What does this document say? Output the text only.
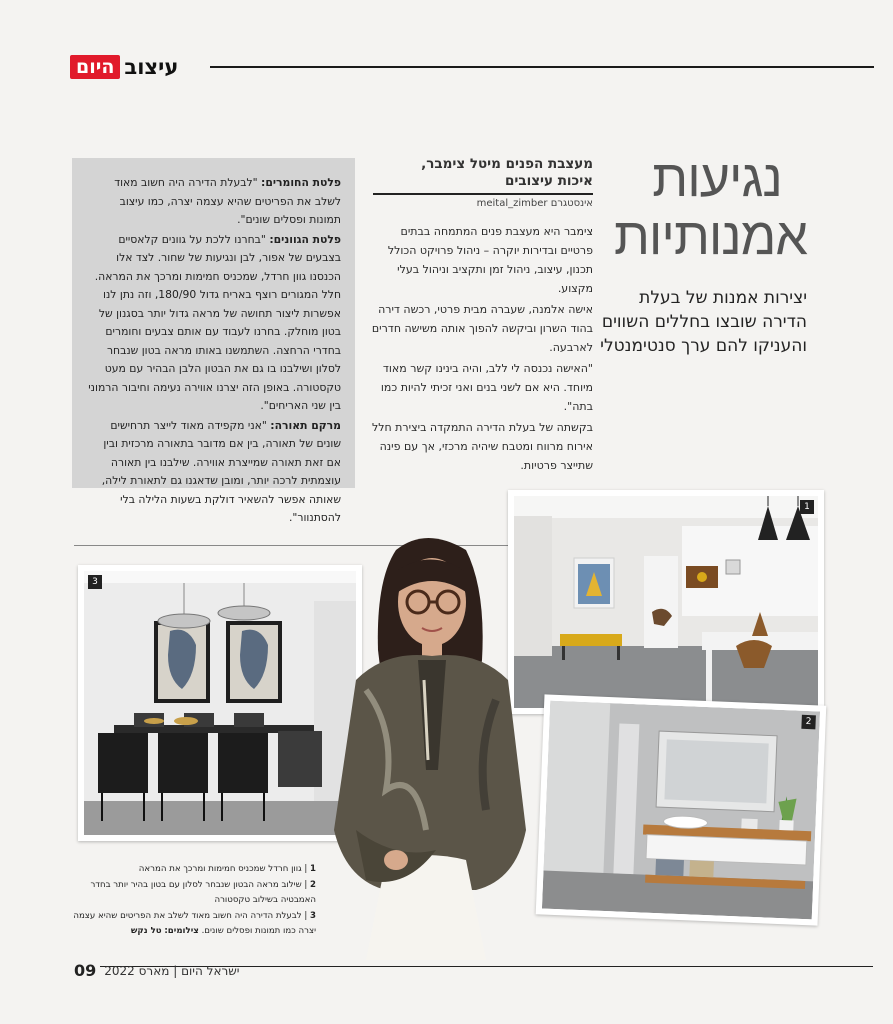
עיצוב
היום
נגיעות
אמנותיות
יצירות אמנות של בעלת הדירה שובצו בחללים השווים והעניקו להם ערך סנטימנטלי
מעצבת הפנים מיטל צימבר,
איכות עיצובים
אינסטגרם meital_zimber

צימבר היא מעצבת פנים המתמחה בבתים פרטיים ובדירות יוקרה – ניהול פרויקט הכולל תכנון, עיצוב, ניהול זמן ותקציב וניהול בעלי מקצוע.

אישה אלמנה, שעברה מבית פרטי, רכשה דירה בהוד השרון וביקשה להפוך אותה משישה חדרים לארבעה.

"האישה נכנסה לי ללב, והיה בינינו קשר מאוד מיוחד. היא אם לשני בנים ואני זכיתי להיות כמו בתה".

בקשתה של בעלת הדירה התמקדה ביצירת חלל אירוח מרווח ומטבח שיהיה מרכזי, אך עם פינה שתייצר פרטיות.

פלטת החומרים: "לבעלת הדירה היה חשוב מאוד לשלב את הפריטים שהיא עצמה יצרה, כמו עיצוב תמונות ופסלים שונים".

פלטת הגוונים: "בחרנו ללכת על גוונים קלאסיים בצבעים של אפור, לבן ונגיעות של שחור. לצד אלו הכנסנו גוון חרדל, שמכניס חמימות ומרכך את המראה. חלל המגורים רוצף באריח גדול 180/90, וזה נתן לנו אפשרות ליצור תחושה של מראה גדול יותר בסגנון של בטון מוחלק. בחרנו לעבוד עם אותם צבעים וחומרים בחדרי הרחצה. השתמשנו באותו מראה בטון שנבחר לסלון ושילבנו בו גם את הבטון הלבן הבהיר עם מעט טקסטורה. באופן הזה יצרנו אווירה נעימה וחיבור הרמוני בין שני האריחים".

מרקם תאורה: "אני מקפידה מאוד לייצר תרחישים שונים של תאורה, בין אם מדובר בתאורה מרכזית ובין אם זאת תאורה שמייצרת אווירה. שילבנו בין תאורה עוצמתית לרכה יותר, ומובן שדאגנו גם לתאורת לילה, שאותה אפשר להשאיר דולקת בשעות הלילה בלי להסתנוור".

1
2
3
1 | גוון חרדל שמכניס חמימות ומרכך את המראה
2 | שילוב מראה הבטון שנבחר לסלון עם בטון בהיר יותר בחדר האמבטיה בשילוב טקסטורה
3 | לבעלת הדירה היה חשוב מאוד לשלב את הפריטים שהיא עצמה יצרה כמו תמונות ופסלים שונים. צילומים: טל נקש
09	ישראל היום | מארס 2022
